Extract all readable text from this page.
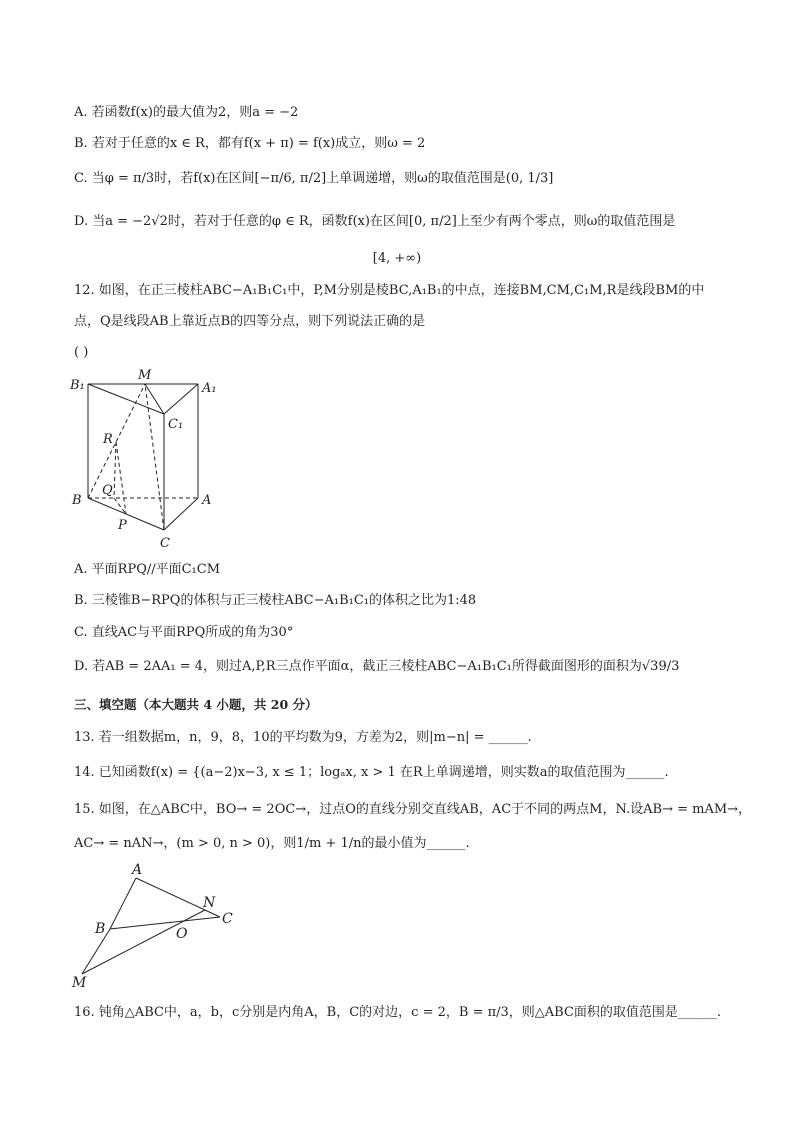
A. 若函数f(x)的最大值为2，则a = −2
B. 若对于任意的x ∈ R，都有f(x + π) = f(x)成立，则ω = 2
C. 当φ = π/3时，若f(x)在区间[−π/6, π/2]上单调递增，则ω的取值范围是(0, 1/3]
D. 当a = −2√2时，若对于任意的φ ∈ R，函数f(x)在区间[0, π/2]上至少有两个零点，则ω的取值范围是
[4, +∞)
12. 如图，在正三棱柱ABC−A₁B₁C₁中，P,M分别是棱BC,A₁B₁的中点，连接BM,CM,C₁M,R是线段BM的中
点，Q是线段AB上靠近点B的四等分点，则下列说法正确的是
( )
B₁
M
A₁
C₁
R
B
Q
A
P
C
A. 平面RPQ//平面C₁CM
B. 三棱锥B−RPQ的体积与正三棱柱ABC−A₁B₁C₁的体积之比为1:48
C. 直线AC与平面RPQ所成的角为30°
D. 若AB = 2AA₁ = 4，则过A,P,R三点作平面α，截正三棱柱ABC−A₁B₁C₁所得截面图形的面积为√39/3
三、填空题（本大题共 4 小题，共 20 分）
13. 若一组数据m，n，9，8，10的平均数为9，方差为2，则|m−n| = ______.
14. 已知函数f(x) = {(a−2)x−3, x ≤ 1；logₐx, x > 1 在R上单调递增，则实数a的取值范围为______.
15. 如图，在△ABC中，BO→ = 2OC→，过点O的直线分别交直线AB，AC于不同的两点M，N.设AB→ = mAM→，
AC→ = nAN→，(m > 0, n > 0)，则1/m + 1/n的最小值为______.
A
N
C
B	O
M
16. 钝角△ABC中，a，b，c分别是内角A，B，C的对边，c = 2，B = π/3，则△ABC面积的取值范围是______.
